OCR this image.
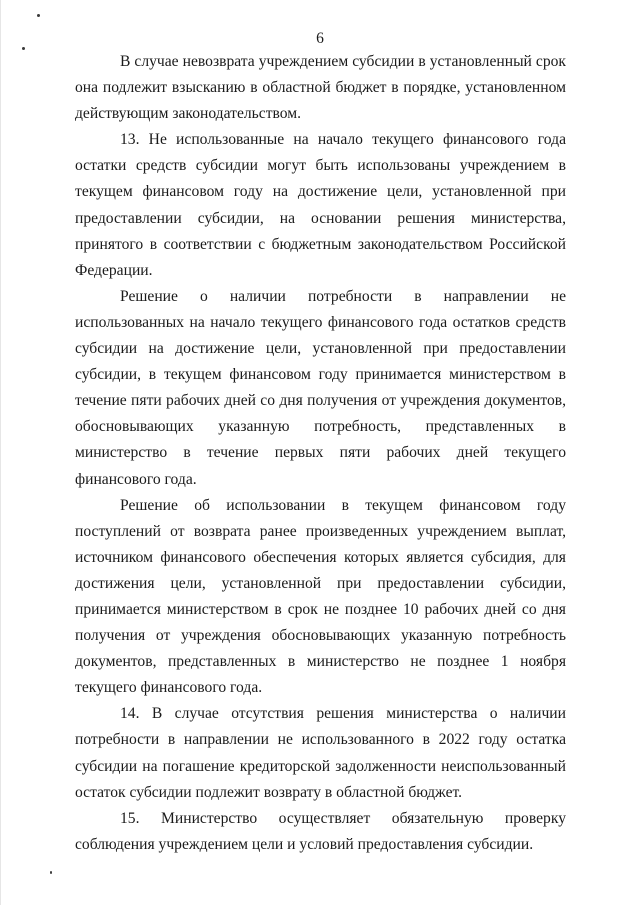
6

В случае невозврата учреждением субсидии в установленный срок она подлежит взысканию в областной бюджет в порядке, установленном действующим законодательством.

13. Не использованные на начало текущего финансового года остатки средств субсидии могут быть использованы учреждением в текущем финансовом году на достижение цели, установленной при предоставлении субсидии, на основании решения министерства, принятого в соответствии с бюджетным законодательством Российской Федерации.

Решение о наличии потребности в направлении не использованных на начало текущего финансового года остатков средств субсидии на достижение цели, установленной при предоставлении субсидии, в текущем финансовом году принимается министерством в течение пяти рабочих дней со дня получения от учреждения документов, обосновывающих указанную потребность, представленных в министерство в течение первых пяти рабочих дней текущего финансового года.

Решение об использовании в текущем финансовом году поступлений от возврата ранее произведенных учреждением выплат, источником финансового обеспечения которых является субсидия, для достижения цели, установленной при предоставлении субсидии, принимается министерством в срок не позднее 10 рабочих дней со дня получения от учреждения обосновывающих указанную потребность документов, представленных в министерство не позднее 1 ноября текущего финансового года.

14. В случае отсутствия решения министерства о наличии потребности в направлении не использованного в 2022 году остатка субсидии на погашение кредиторской задолженности неиспользованный остаток субсидии подлежит возврату в областной бюджет.

15. Министерство осуществляет обязательную проверку соблюдения учреждением цели и условий предоставления субсидии.
